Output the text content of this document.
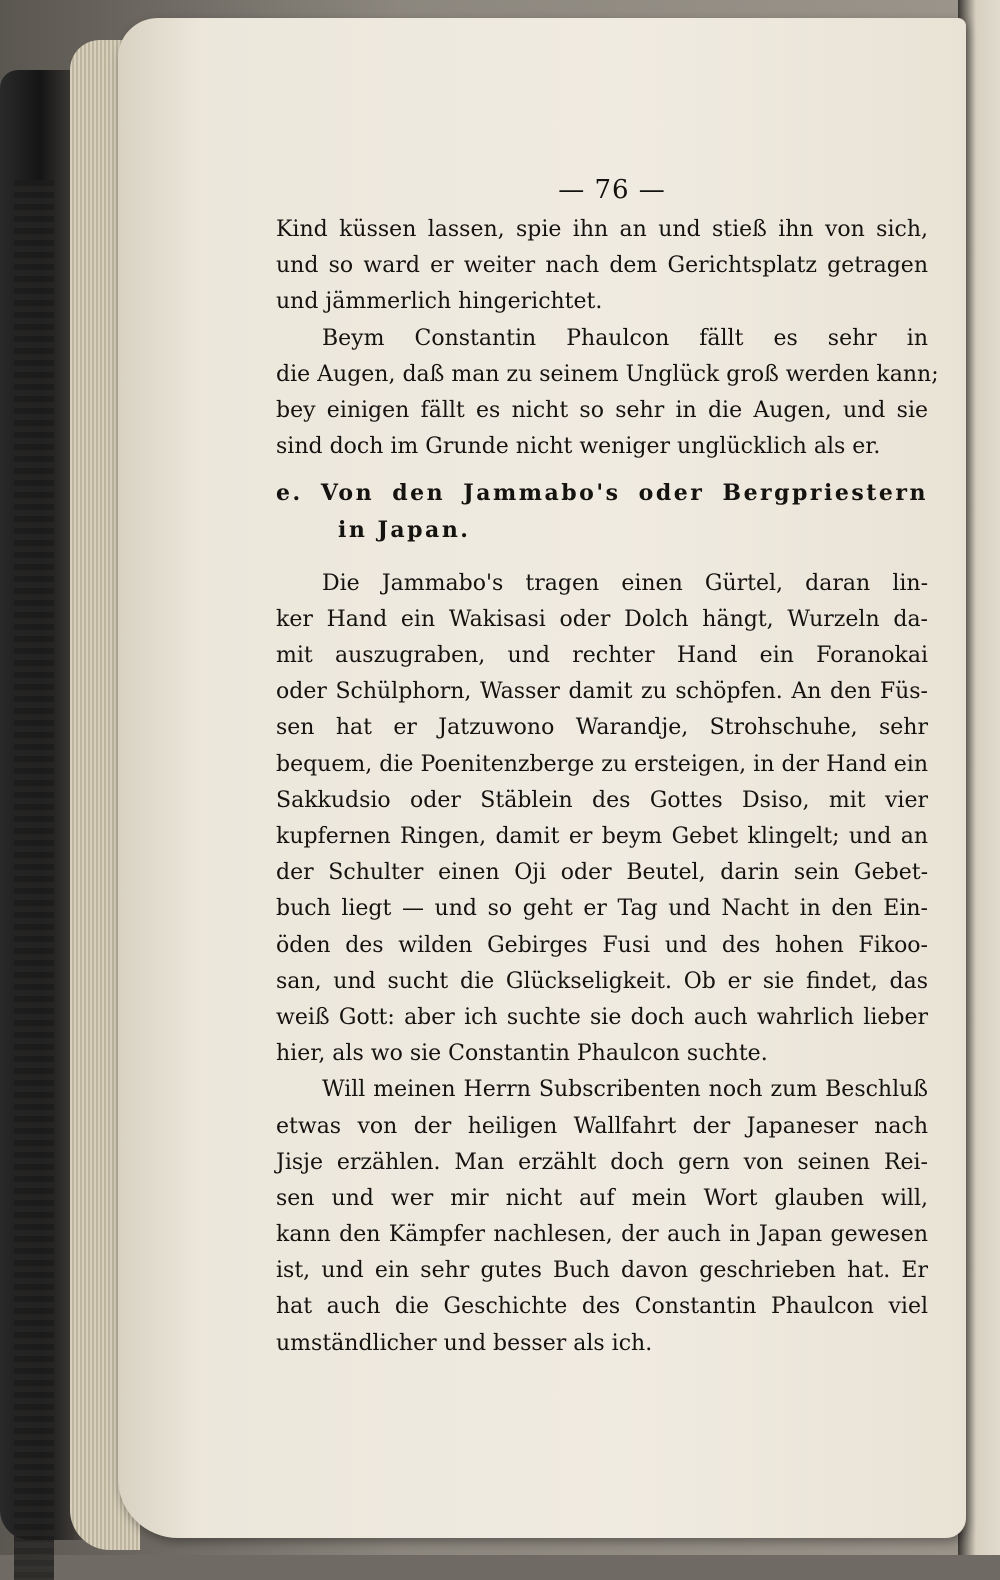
— 76 —
Kind küssen lassen, spie ihn an und stieß ihn von sich,
und so ward er weiter nach dem Gerichtsplatz getragen
und jämmerlich hingerichtet.
Beym Constantin Phaulcon fällt es sehr in
die Augen, daß man zu seinem Unglück groß werden kann;
bey einigen fällt es nicht so sehr in die Augen, und sie
sind doch im Grunde nicht weniger unglücklich als er.
e. Von den Jammabo's oder Bergpriestern
in Japan.
Die Jammabo's tragen einen Gürtel, daran lin-
ker Hand ein Wakisasi oder Dolch hängt, Wurzeln da-
mit auszugraben, und rechter Hand ein Foranokai
oder Schülphorn, Wasser damit zu schöpfen. An den Füs-
sen hat er Jatzuwono Warandje, Strohschuhe, sehr
bequem, die Poenitenzberge zu ersteigen, in der Hand ein
Sakkudsio oder Stäblein des Gottes Dsiso, mit vier
kupfernen Ringen, damit er beym Gebet klingelt; und an
der Schulter einen Oji oder Beutel, darin sein Gebet-
buch liegt — und so geht er Tag und Nacht in den Ein-
öden des wilden Gebirges Fusi und des hohen Fikoo-
san, und sucht die Glückseligkeit. Ob er sie findet, das
weiß Gott: aber ich suchte sie doch auch wahrlich lieber
hier, als wo sie Constantin Phaulcon suchte.
Will meinen Herrn Subscribenten noch zum Beschluß
etwas von der heiligen Wallfahrt der Japaneser nach
Jisje erzählen. Man erzählt doch gern von seinen Rei-
sen und wer mir nicht auf mein Wort glauben will,
kann den Kämpfer nachlesen, der auch in Japan gewesen
ist, und ein sehr gutes Buch davon geschrieben hat. Er
hat auch die Geschichte des Constantin Phaulcon viel
umständlicher und besser als ich.
